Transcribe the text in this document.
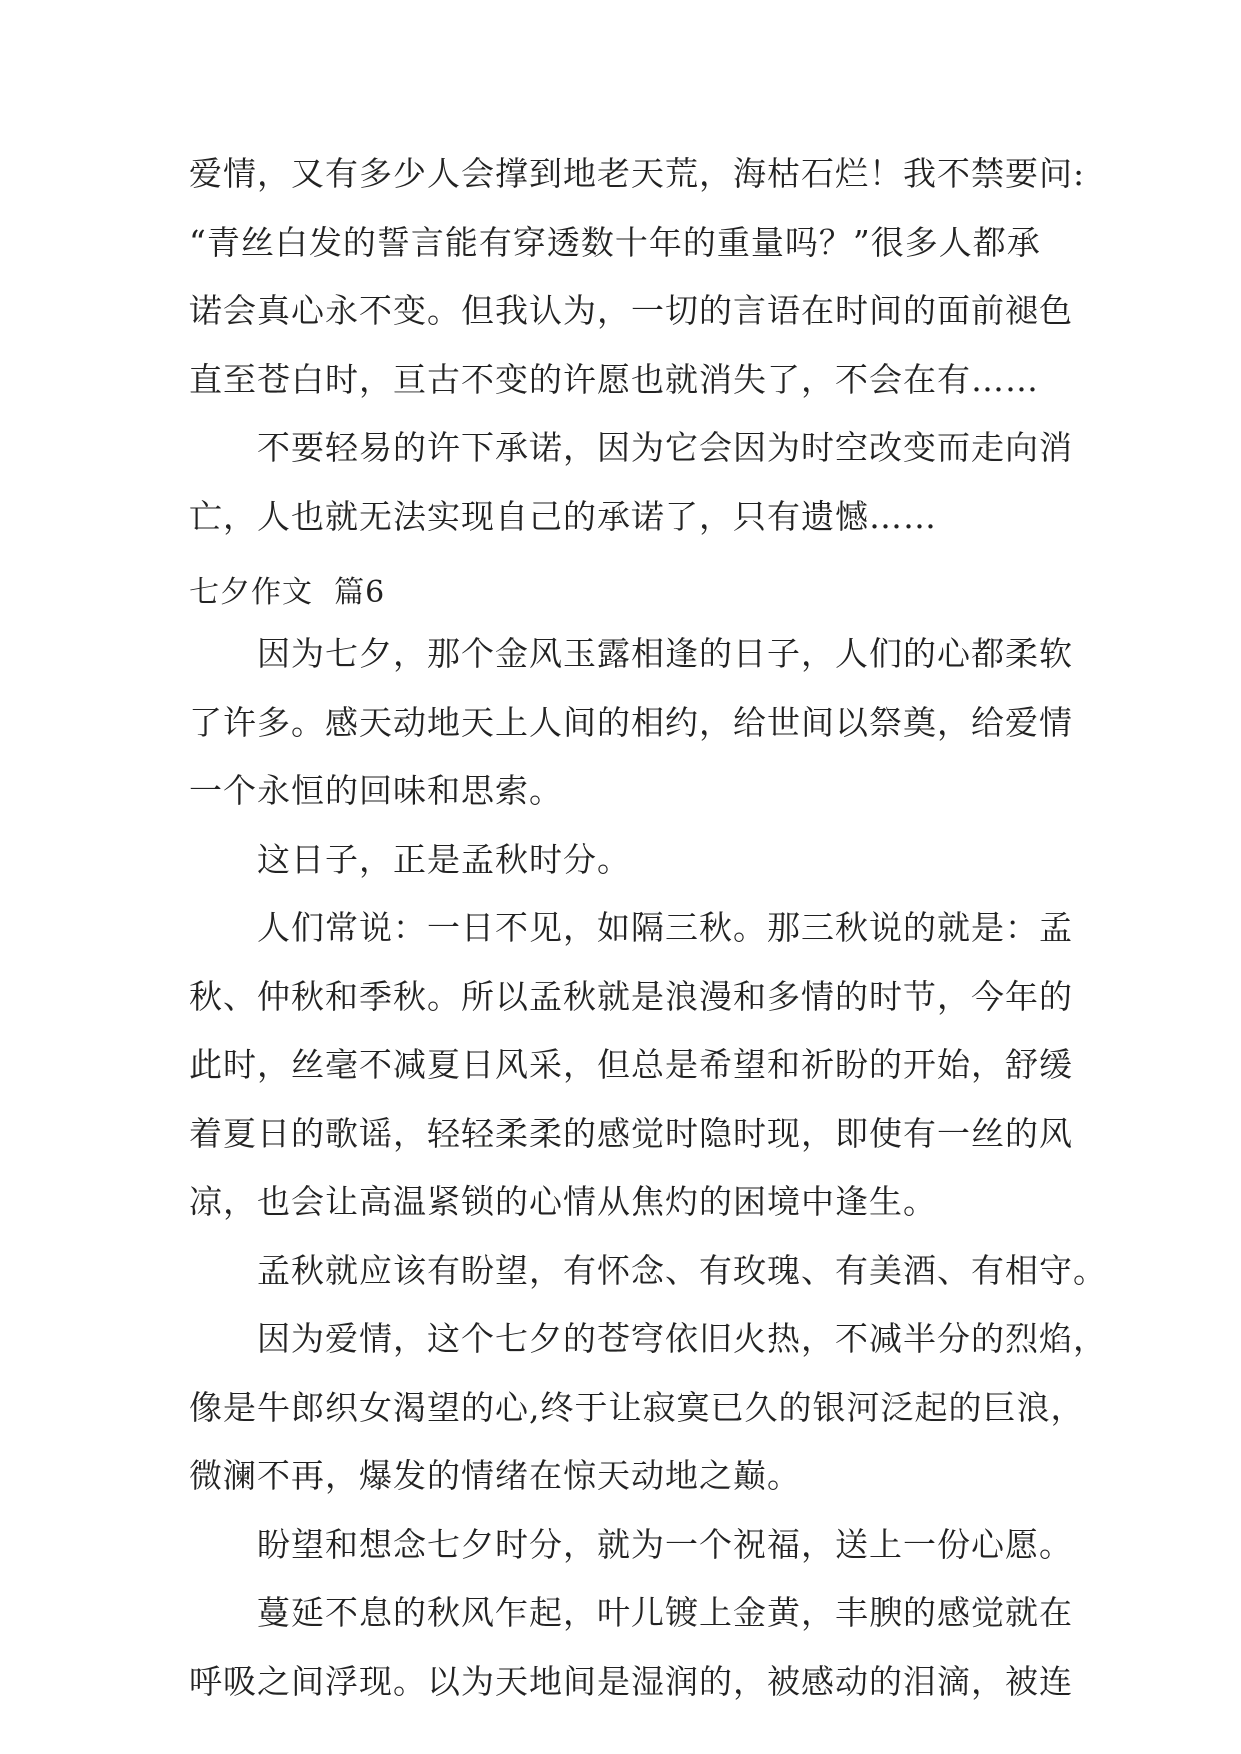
爱情，又有多少人会撑到地老天荒，海枯石烂！我不禁要问:

“青丝白发的誓言能有穿透数十年的重量吗？”很多人都承

诺会真心永不变。但我认为，一切的言语在时间的面前褪色

直至苍白时，亘古不变的许愿也就消失了，不会在有……

不要轻易的许下承诺，因为它会因为时空改变而走向消

亡，人也就无法实现自己的承诺了，只有遗憾……

七夕作文  篇6

因为七夕，那个金风玉露相逢的日子，人们的心都柔软

了许多。感天动地天上人间的相约，给世间以祭奠，给爱情

一个永恒的回味和思索。

这日子，正是孟秋时分。

人们常说：一日不见，如隔三秋。那三秋说的就是：孟

秋、仲秋和季秋。所以孟秋就是浪漫和多情的时节，今年的

此时，丝毫不减夏日风采，但总是希望和祈盼的开始，舒缓

着夏日的歌谣，轻轻柔柔的感觉时隐时现，即使有一丝的风

凉，也会让高温紧锁的心情从焦灼的困境中逢生。

孟秋就应该有盼望，有怀念、有玫瑰、有美酒、有相守。

因为爱情，这个七夕的苍穹依旧火热，不减半分的烈焰，

像是牛郎织女渴望的心,终于让寂寞已久的银河泛起的巨浪，

微澜不再，爆发的情绪在惊天动地之巅。

盼望和想念七夕时分，就为一个祝福，送上一份心愿。

蔓延不息的秋风乍起，叶儿镀上金黄，丰腴的感觉就在

呼吸之间浮现。以为天地间是湿润的，被感动的泪滴，被连
